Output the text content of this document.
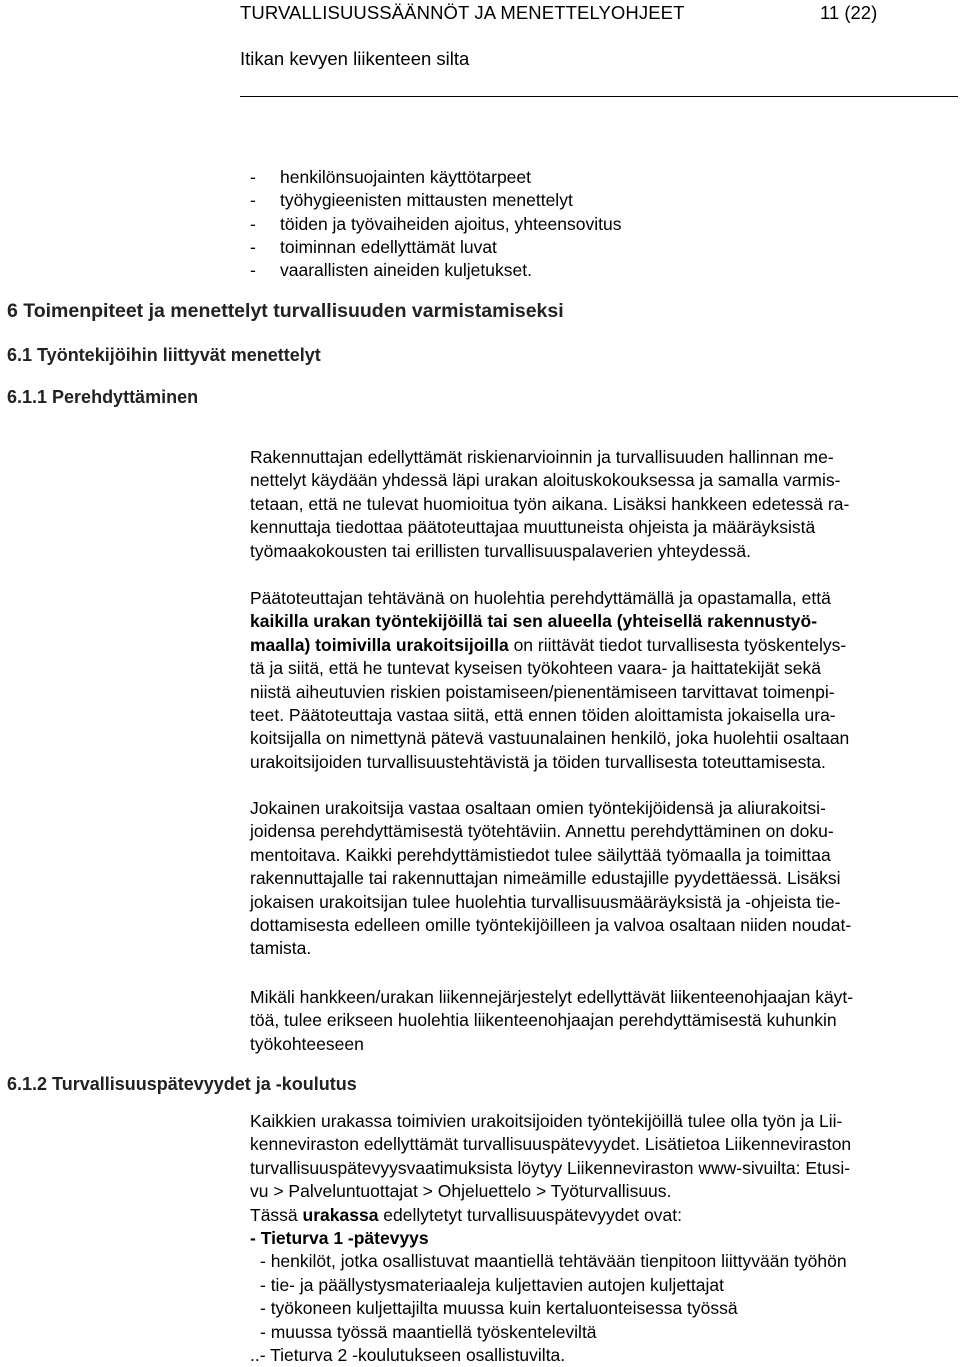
TURVALLISUUSSÄÄNNÖT JA MENETTELYOHJEET	11 (22)
Itikan kevyen liikenteen silta
- henkilönsuojainten käyttötarpeet
- työhygieenisten mittausten menettelyt
- töiden ja työvaiheiden ajoitus, yhteensovitus
- toiminnan edellyttämät luvat
- vaarallisten aineiden kuljetukset.
6 Toimenpiteet ja menettelyt turvallisuuden varmistamiseksi
6.1 Työntekijöihin liittyvät menettelyt
6.1.1 Perehdyttäminen
Rakennuttajan edellyttämät riskienarvioinnin ja turvallisuuden hallinnan me-
nettelyt käydään yhdessä läpi urakan aloituskokouksessa ja samalla varmis-
tetaan, että ne tulevat huomioitua työn aikana. Lisäksi hankkeen edetessä ra-
kennuttaja tiedottaa päätoteuttajaa muuttuneista ohjeista ja määräyksistä
työmaakokousten tai erillisten turvallisuuspalaverien yhteydessä.
Päätoteuttajan tehtävänä on huolehtia perehdyttämällä ja opastamalla, että
kaikilla urakan työntekijöillä tai sen alueella (yhteisellä rakennustyö-
maalla) toimivilla urakoitsijoilla on riittävät tiedot turvallisesta työskentelys-
tä ja siitä, että he tuntevat kyseisen työkohteen vaara- ja haittatekijät sekä
niistä aiheutuvien riskien poistamiseen/pienentämiseen tarvittavat toimenpi-
teet. Päätoteuttaja vastaa siitä, että ennen töiden aloittamista jokaisella ura-
koitsijalla on nimettynä pätevä vastuunalainen henkilö, joka huolehtii osaltaan
urakoitsijoiden turvallisuustehtävistä ja töiden turvallisesta toteuttamisesta.
Jokainen urakoitsija vastaa osaltaan omien työntekijöidensä ja aliurakoitsi-
joidensa perehdyttämisestä työtehtäviin. Annettu perehdyttäminen on doku-
mentoitava. Kaikki perehdyttämistiedot tulee säilyttää työmaalla ja toimittaa
rakennuttajalle tai rakennuttajan nimeämille edustajille pyydettäessä. Lisäksi
jokaisen urakoitsijan tulee huolehtia turvallisuusmääräyksistä ja -ohjeista tie-
dottamisesta edelleen omille työntekijöilleen ja valvoa osaltaan niiden noudat-
tamista.
Mikäli hankkeen/urakan liikennejärjestelyt edellyttävät liikenteenohjaajan käyt-
töä, tulee erikseen huolehtia liikenteenohjaajan perehdyttämisestä kuhunkin
työkohteeseen
6.1.2 Turvallisuuspätevyydet ja -koulutus
Kaikkien urakassa toimivien urakoitsijoiden työntekijöillä tulee olla työn ja Lii-
kenneviraston edellyttämät turvallisuuspätevyydet. Lisätietoa Liikenneviraston
turvallisuuspätevyysvaatimuksista löytyy Liikenneviraston www-sivuilta: Etusi-
vu > Palveluntuottajat > Ohjeluettelo > Työturvallisuus.
Tässä urakassa edellytetyt turvallisuuspätevyydet ovat:
- Tieturva 1 -pätevyys
- henkilöt, jotka osallistuvat maantiellä tehtävään tienpitoon liittyvään työhön
- tie- ja päällystysmateriaaleja kuljettavien autojen kuljettajat
- työkoneen kuljettajilta muussa kuin kertaluonteisessa työssä
- muussa työssä maantiellä työskenteleviltä
..- Tieturva 2 -koulutukseen osallistuvilta.
